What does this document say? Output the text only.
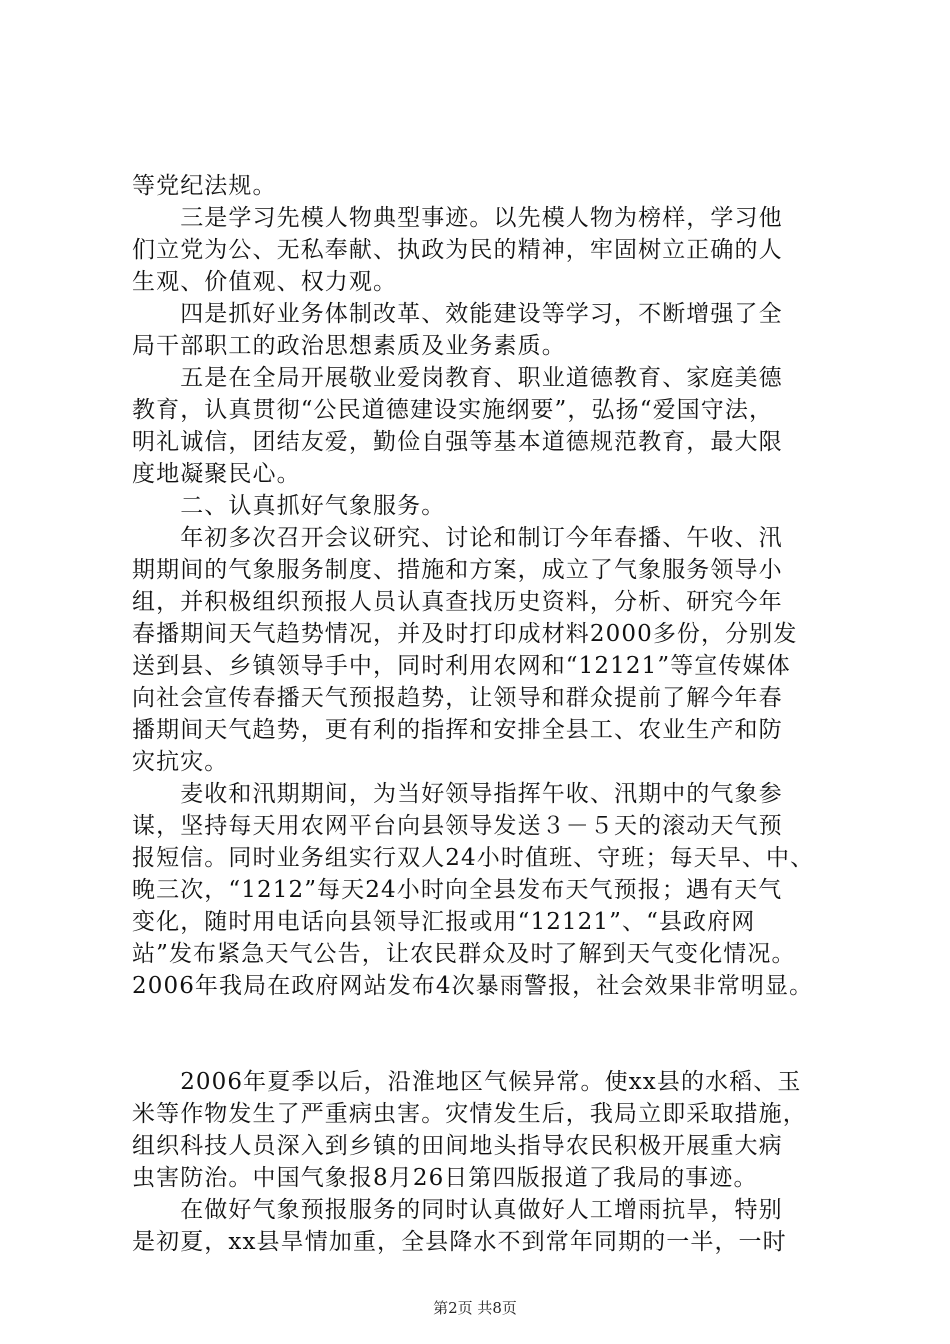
等党纪法规。
　　三是学习先模人物典型事迹。以先模人物为榜样，学习他
们立党为公、无私奉献、执政为民的精神，牢固树立正确的人
生观、价值观、权力观。
　　四是抓好业务体制改革、效能建设等学习，不断增强了全
局干部职工的政治思想素质及业务素质。
　　五是在全局开展敬业爱岗教育、职业道德教育、家庭美德
教育，认真贯彻“公民道德建设实施纲要”，弘扬“爱国守法，
明礼诚信，团结友爱，勤俭自强等基本道德规范教育，最大限
度地凝聚民心。
　　二、认真抓好气象服务。
　　年初多次召开会议研究、讨论和制订今年春播、午收、汛
期期间的气象服务制度、措施和方案，成立了气象服务领导小
组，并积极组织预报人员认真查找历史资料，分析、研究今年
春播期间天气趋势情况，并及时打印成材料2000多份，分别发
送到县、乡镇领导手中，同时利用农网和“12121”等宣传媒体
向社会宣传春播天气预报趋势，让领导和群众提前了解今年春
播期间天气趋势，更有利的指挥和安排全县工、农业生产和防
灾抗灾。
　　麦收和汛期期间，为当好领导指挥午收、汛期中的气象参
谋，坚持每天用农网平台向县领导发送３－５天的滚动天气预
报短信。同时业务组实行双人24小时值班、守班；每天早、中、
晚三次，“1212”每天24小时向全县发布天气预报；遇有天气
变化，随时用电话向县领导汇报或用“12121”、“县政府网
站”发布紧急天气公告，让农民群众及时了解到天气变化情况。
2006年我局在政府网站发布4次暴雨警报，社会效果非常明显。
　　2006年夏季以后，沿淮地区气候异常。使xx县的水稻、玉
米等作物发生了严重病虫害。灾情发生后，我局立即采取措施，
组织科技人员深入到乡镇的田间地头指导农民积极开展重大病
虫害防治。中国气象报8月26日第四版报道了我局的事迹。
　　在做好气象预报服务的同时认真做好人工增雨抗旱，特别
是初夏，xx县旱情加重，全县降水不到常年同期的一半，一时
第2页 共8页
